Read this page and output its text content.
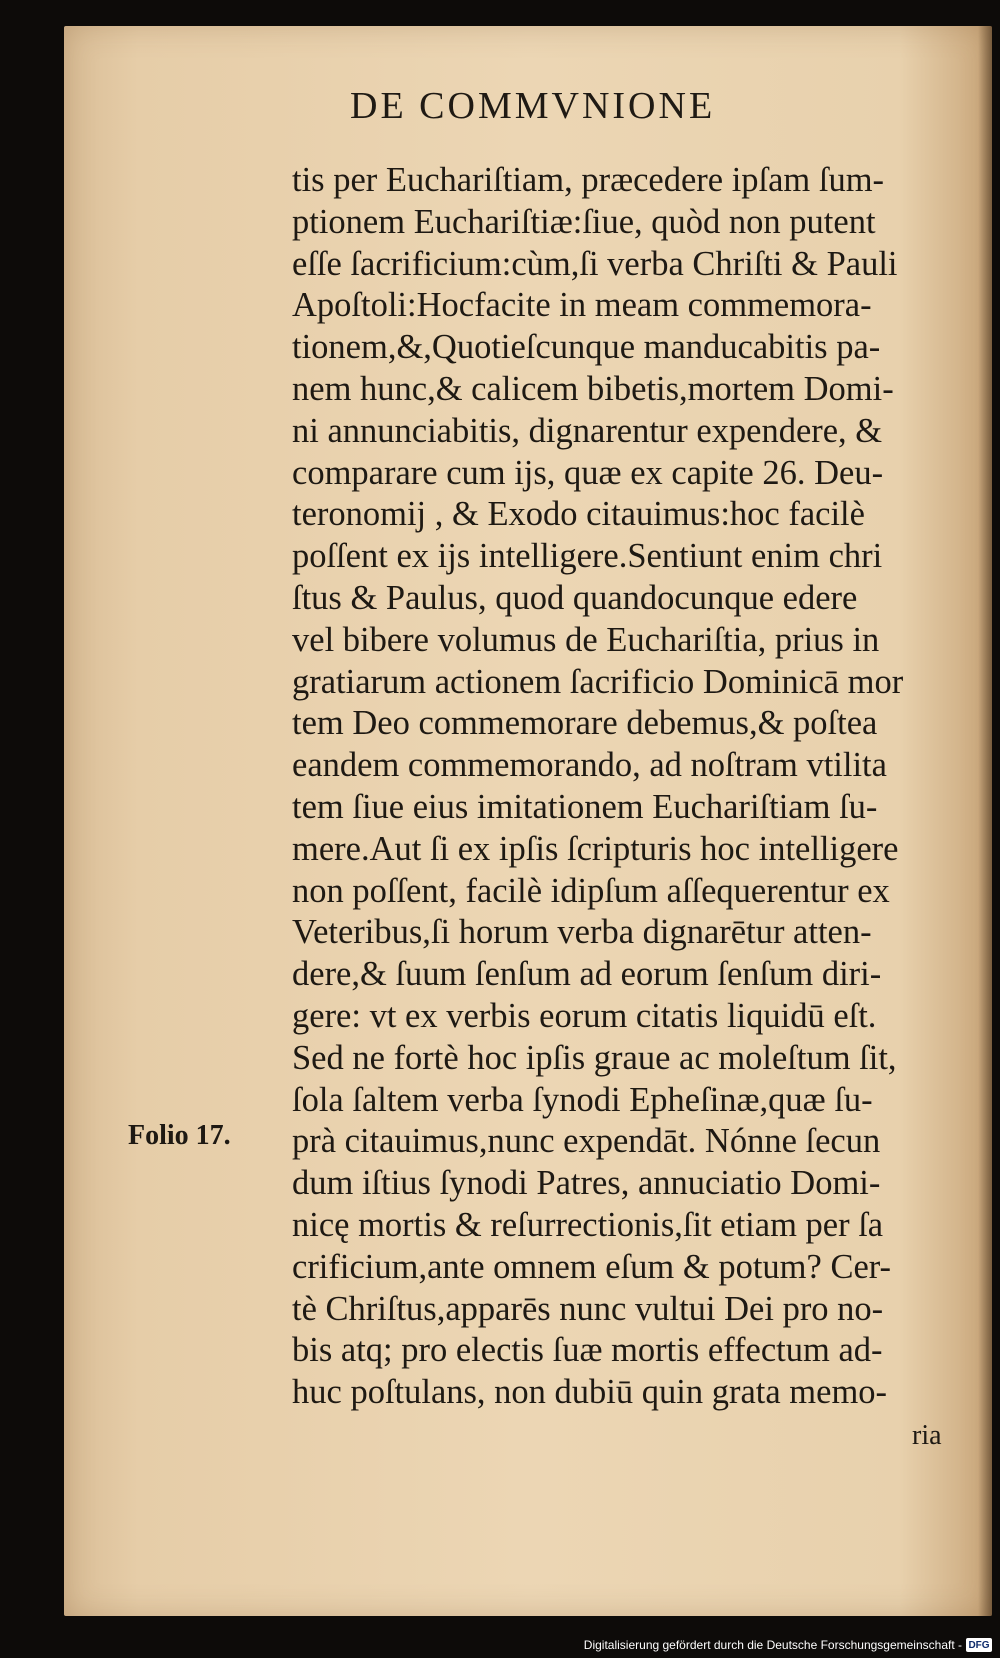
DE COMMVNIONE
tis per Euchariſtiam, præcedere ipſam ſum-
ptionem Euchariſtiæ:ſiue, quòd non putent
eſſe ſacrificium:cùm,ſi verba Chriſti & Pauli
Apoſtoli:Hocfacite in meam commemora-
tionem,&,Quotieſcunque manducabitis pa-
nem hunc,& calicem bibetis,mortem Domi-
ni annunciabitis, dignarentur expendere, &
comparare cum ijs, quæ ex capite 26. Deu-
teronomij , & Exodo citauimus:hoc facilè
poſſent ex ijs intelligere.Sentiunt enim chri
ſtus & Paulus, quod quandocunque edere
vel bibere volumus de Euchariſtia, prius in
gratiarum actionem ſacrificio Dominicā mor
tem Deo commemorare debemus,& poſtea
eandem commemorando, ad noſtram vtilita
tem ſiue eius imitationem Euchariſtiam ſu-
mere.Aut ſi ex ipſis ſcripturis hoc intelligere
non poſſent, facilè idipſum aſſequerentur ex
Veteribus,ſi horum verba dignarētur atten-
dere,& ſuum ſenſum ad eorum ſenſum diri-
gere: vt ex verbis eorum citatis liquidū eſt.
Sed ne fortè hoc ipſis graue ac moleſtum ſit,
ſola ſaltem verba ſynodi Epheſinæ,quæ ſu-
prà citauimus,nunc expendāt. Nónne ſecun
dum iſtius ſynodi Patres, annuciatio Domi-
nicę mortis & reſurrectionis,ſit etiam per ſa
crificium,ante omnem eſum & potum? Cer-
tè Chriſtus,apparēs nunc vultui Dei pro no-
bis atq; pro electis ſuæ mortis effectum ad-
huc poſtulans, non dubiū quin grata memo-
ria
Folio 17.
Digitalisierung gefördert durch die Deutsche Forschungsgemeinschaft - DFG
